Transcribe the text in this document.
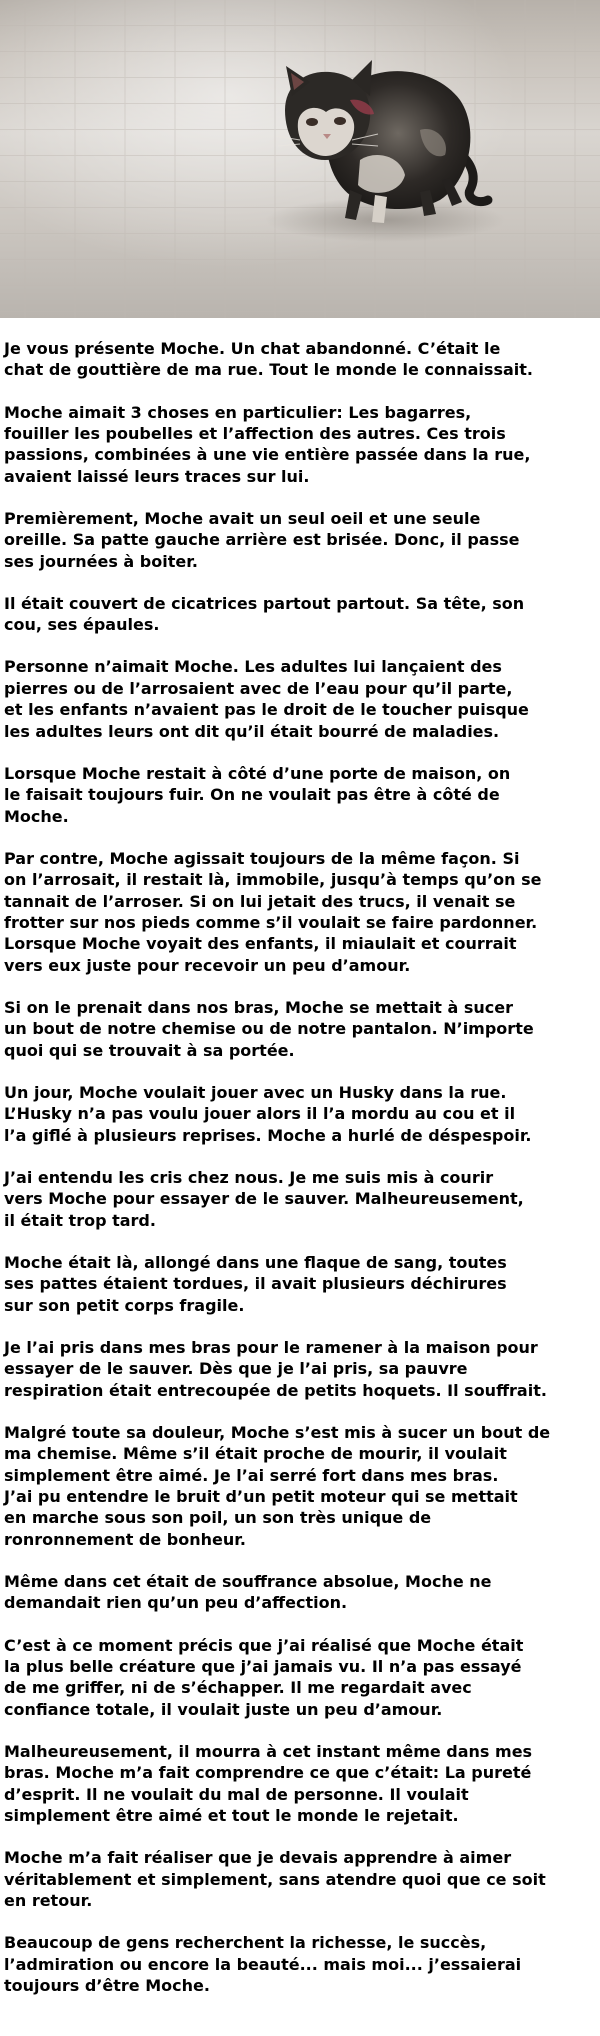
Je vous présente Moche. Un chat abandonné. C’était le
chat de gouttière de ma rue. Tout le monde le connaissait.
Moche aimait 3 choses en particulier: Les bagarres,
fouiller les poubelles et l’affection des autres. Ces trois
passions, combinées à une vie entière passée dans la rue,
avaient laissé leurs traces sur lui.
Premièrement, Moche avait un seul oeil et une seule
oreille. Sa patte gauche arrière est brisée. Donc, il passe
ses journées à boiter.
Il était couvert de cicatrices partout partout. Sa tête, son
cou, ses épaules.
Personne n’aimait Moche. Les adultes lui lançaient des
pierres ou de l’arrosaient avec de l’eau pour qu’il parte,
et les enfants n’avaient pas le droit de le toucher puisque
les adultes leurs ont dit qu’il était bourré de maladies.
Lorsque Moche restait à côté d’une porte de maison, on
le faisait toujours fuir. On ne voulait pas être à côté de
Moche.
Par contre, Moche agissait toujours de la même façon. Si
on l’arrosait, il restait là, immobile, jusqu’à temps qu’on se
tannait de l’arroser. Si on lui jetait des trucs, il venait se
frotter sur nos pieds comme s’il voulait se faire pardonner.
Lorsque Moche voyait des enfants, il miaulait et courrait
vers eux juste pour recevoir un peu d’amour.
Si on le prenait dans nos bras, Moche se mettait à sucer
un bout de notre chemise ou de notre pantalon. N’importe
quoi qui se trouvait à sa portée.
Un jour, Moche voulait jouer avec un Husky dans la rue.
L’Husky n’a pas voulu jouer alors il l’a mordu au cou et il
l’a giflé à plusieurs reprises. Moche a hurlé de déspespoir.
J’ai entendu les cris chez nous. Je me suis mis à courir
vers Moche pour essayer de le sauver. Malheureusement,
il était trop tard.
Moche était là, allongé dans une flaque de sang, toutes
ses pattes étaient tordues, il avait plusieurs déchirures
sur son petit corps fragile.
Je l’ai pris dans mes bras pour le ramener à la maison pour
essayer de le sauver. Dès que je l’ai pris, sa pauvre
respiration était entrecoupée de petits hoquets. Il souffrait.
Malgré toute sa douleur, Moche s’est mis à sucer un bout de
ma chemise. Même s’il était proche de mourir, il voulait
simplement être aimé. Je l’ai serré fort dans mes bras.
J’ai pu entendre le bruit d’un petit moteur qui se mettait
en marche sous son poil, un son très unique de
ronronnement de bonheur.
Même dans cet était de souffrance absolue, Moche ne
demandait rien qu’un peu d’affection.
C’est à ce moment précis que j’ai réalisé que Moche était
la plus belle créature que j’ai jamais vu. Il n’a pas essayé
de me griffer, ni de s’échapper. Il me regardait avec
confiance totale, il voulait juste un peu d’amour.
Malheureusement, il mourra à cet instant même dans mes
bras. Moche m’a fait comprendre ce que c’était: La pureté
d’esprit. Il ne voulait du mal de personne. Il voulait
simplement être aimé et tout le monde le rejetait.
Moche m’a fait réaliser que je devais apprendre à aimer
véritablement et simplement, sans atendre quoi que ce soit
en retour.
Beaucoup de gens recherchent la richesse, le succès,
l’admiration ou encore la beauté... mais moi... j’essaierai
toujours d’être Moche.
